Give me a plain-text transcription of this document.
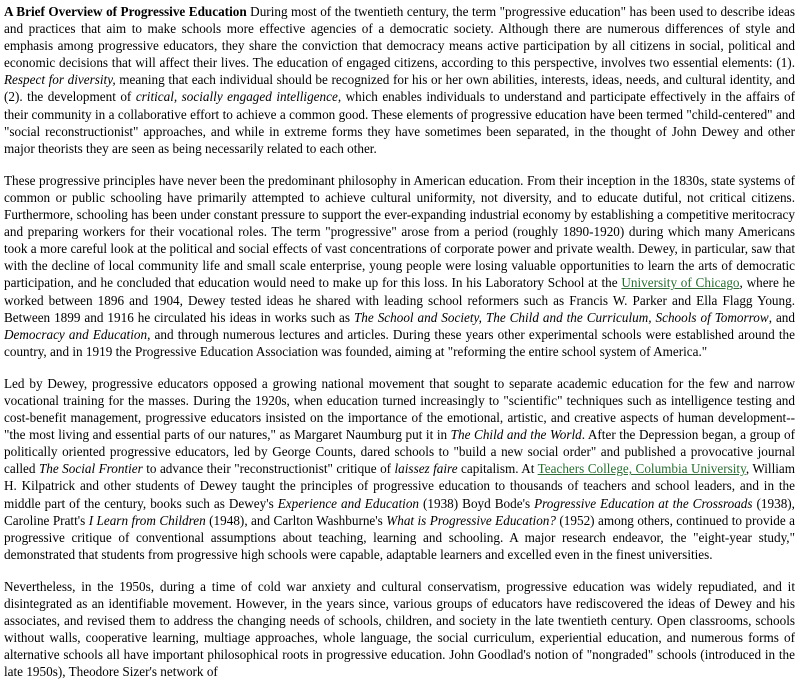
A Brief Overview of Progressive Education During most of the twentieth century, the term "progressive education" has been used to describe ideas and practices that aim to make schools more effective agencies of a democratic society. Although there are numerous differences of style and emphasis among progressive educators, they share the conviction that democracy means active participation by all citizens in social, political and economic decisions that will affect their lives. The education of engaged citizens, according to this perspective, involves two essential elements: (1). Respect for diversity, meaning that each individual should be recognized for his or her own abilities, interests, ideas, needs, and cultural identity, and (2). the development of critical, socially engaged intelligence, which enables individuals to understand and participate effectively in the affairs of their community in a collaborative effort to achieve a common good. These elements of progressive education have been termed "child-centered" and "social reconstructionist" approaches, and while in extreme forms they have sometimes been separated, in the thought of John Dewey and other major theorists they are seen as being necessarily related to each other.

These progressive principles have never been the predominant philosophy in American education. From their inception in the 1830s, state systems of common or public schooling have primarily attempted to achieve cultural uniformity, not diversity, and to educate dutiful, not critical citizens. Furthermore, schooling has been under constant pressure to support the ever-expanding industrial economy by establishing a competitive meritocracy and preparing workers for their vocational roles. The term "progressive" arose from a period (roughly 1890-1920) during which many Americans took a more careful look at the political and social effects of vast concentrations of corporate power and private wealth. Dewey, in particular, saw that with the decline of local community life and small scale enterprise, young people were losing valuable opportunities to learn the arts of democratic participation, and he concluded that education would need to make up for this loss. In his Laboratory School at the University of Chicago, where he worked between 1896 and 1904, Dewey tested ideas he shared with leading school reformers such as Francis W. Parker and Ella Flagg Young. Between 1899 and 1916 he circulated his ideas in works such as The School and Society, The Child and the Curriculum, Schools of Tomorrow, and Democracy and Education, and through numerous lectures and articles. During these years other experimental schools were established around the country, and in 1919 the Progressive Education Association was founded, aiming at "reforming the entire school system of America."

Led by Dewey, progressive educators opposed a growing national movement that sought to separate academic education for the few and narrow vocational training for the masses. During the 1920s, when education turned increasingly to "scientific" techniques such as intelligence testing and cost-benefit management, progressive educators insisted on the importance of the emotional, artistic, and creative aspects of human development--"the most living and essential parts of our natures," as Margaret Naumburg put it in The Child and the World. After the Depression began, a group of politically oriented progressive educators, led by George Counts, dared schools to "build a new social order" and published a provocative journal called The Social Frontier to advance their "reconstructionist" critique of laissez faire capitalism. At Teachers College, Columbia University, William H. Kilpatrick and other students of Dewey taught the principles of progressive education to thousands of teachers and school leaders, and in the middle part of the century, books such as Dewey's Experience and Education (1938) Boyd Bode's Progressive Education at the Crossroads (1938), Caroline Pratt's I Learn from Children (1948), and Carlton Washburne's What is Progressive Education? (1952) among others, continued to provide a progressive critique of conventional assumptions about teaching, learning and schooling. A major research endeavor, the "eight-year study," demonstrated that students from progressive high schools were capable, adaptable learners and excelled even in the finest universities.

Nevertheless, in the 1950s, during a time of cold war anxiety and cultural conservatism, progressive education was widely repudiated, and it disintegrated as an identifiable movement. However, in the years since, various groups of educators have rediscovered the ideas of Dewey and his associates, and revised them to address the changing needs of schools, children, and society in the late twentieth century. Open classrooms, schools without walls, cooperative learning, multiage approaches, whole language, the social curriculum, experiential education, and numerous forms of alternative schools all have important philosophical roots in progressive education. John Goodlad's notion of "nongraded" schools (introduced in the late 1950s), Theodore Sizer's network of
